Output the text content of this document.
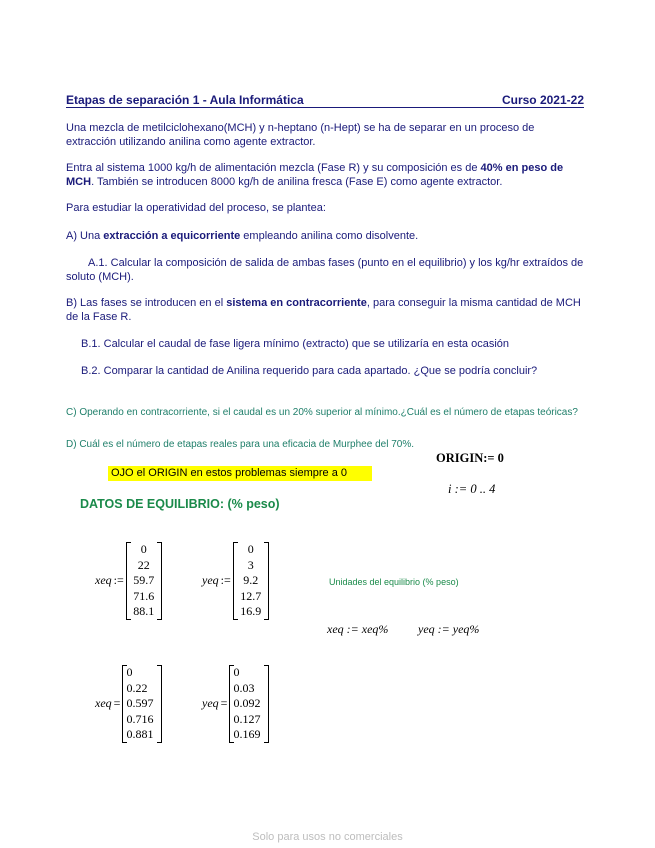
Etapas de separación 1 - Aula Informática	Curso 2021-22
Una mezcla de metilciclohexano(MCH) y n-heptano (n-Hept) se ha de separar en un proceso de extracción utilizando anilina como agente extractor.
Entra al sistema 1000 kg/h de alimentación mezcla (Fase R) y su composición es de 40% en peso de MCH. También se introducen 8000 kg/h de anilina fresca (Fase E) como agente extractor.
Para estudiar la operatividad del proceso, se plantea:
A) Una extracción a equicorriente empleando anilina como disolvente.
A.1. Calcular la composición de salida de ambas fases (punto en el equilibrio) y los kg/hr extraídos de soluto (MCH).
B) Las fases se introducen en el sistema en contracorriente, para conseguir la misma cantidad de MCH de la Fase R.
B.1. Calcular el caudal de fase ligera mínimo (extracto) que se utilizaría en esta ocasión
B.2. Comparar la cantidad de Anilina requerido para cada apartado. ¿Que se podría concluir?
C) Operando en contracorriente, si el caudal es un 20% superior al mínimo.¿Cuál es el número de etapas teóricas?
D) Cuál es el número de etapas reales para una eficacia de Murphee del 70%.
ORIGIN:= 0
OJO el ORIGIN en estos problemas siempre a 0
i := 0 .. 4
DATOS DE EQUILIBRIO: (% peso)
xeq :=
0
22
59.7
71.6
88.1
yeq :=
0
3
9.2
12.7
16.9
Unidades del equilibrio (% peso)
xeq := xeq% yeq := yeq%
xeq =
0
0.22
0.597
0.716
0.881
yeq =
0
0.03
0.092
0.127
0.169
Solo para usos no comerciales
